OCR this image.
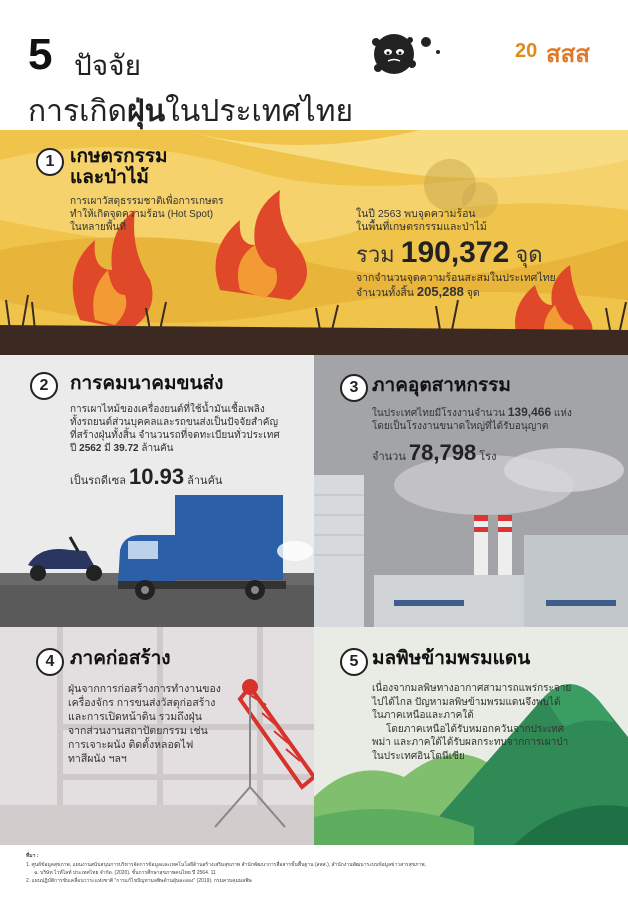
5 ปัจจัย
การเกิดฝุ่นในประเทศไทย
20 สสส
1 เกษตรกรรม
และป่าไม้
การเผาวัสดุธรรมชาติเพื่อการเกษตร
ทำให้เกิดจุดความร้อน (Hot Spot)
ในหลายพื้นที่
ในปี 2563 พบจุดความร้อน
ในพื้นที่เกษตรกรรมและป่าไม้
รวม 190,372 จุด
จากจำนวนจุดความร้อนสะสมในประเทศไทย
จำนวนทั้งสิ้น 205,288 จุด
2	การคมนาคมขนส่ง
การเผาไหม้ของเครื่องยนต์ที่ใช้น้ำมันเชื้อเพลิง
ทั้งรถยนต์ส่วนบุคคลและรถขนส่งเป็นปัจจัยสำคัญ
ที่สร้างฝุ่นทั้งสิ้น จำนวนรถที่จดทะเบียนทั่วประเทศ
ปี 2562 มี 39.72 ล้านคัน
เป็นรถดีเซล 10.93 ล้านคัน
3 ภาคอุตสาหกรรม
ในประเทศไทยมีโรงงานจำนวน 139,466 แห่ง
โดยเป็นโรงงานขนาดใหญ่ที่ได้รับอนุญาต
จำนวน 78,798 โรง
4 ภาคก่อสร้าง
ฝุ่นจากการก่อสร้างการทำงานของ
เครื่องจักร การขนส่งวัสดุก่อสร้าง
และการเปิดหน้าดิน รวมถึงฝุ่น
จากส่วนงานสถาปัตยกรรม เช่น
การเจาะผนัง ติดตั้งหลอดไฟ
ทาสีผนัง ฯลฯ
5 มลพิษข้ามพรมแดน
เนื่องจากมลพิษทางอากาศสามารถแพร่กระจาย
ไปได้ไกล ปัญหามลพิษข้ามพรมแดนจึงพบได้
ในภาคเหนือและภาคใต้
โดยภาคเหนือได้รับหมอกควันจากประเทศ
พม่า และภาคใต้ได้รับผลกระทบจากการเผาป่า
ในประเทศอินโดนีเซีย
ที่มา :
1. ศูนย์ข้อมูลสุขภาพ, แผนงานสนับสนุนการบริหารจัดการข้อมูลและเทคโนโลยีด้านสร้างเสริมสุขภาพ สำนักพัฒนาการสื่อสารขั้นพื้นฐาน (สสส.), สำนักงานพัฒนาระบบข้อมูลข่าวสารสุขภาพ,
ฉ. บริษัท ไวท์ไลท์ ประเทศไทย จำกัด. (2020). ชั้นการศึกษาสุขภาพคนไทย ปี 2564. 11
2. แผนปฏิบัติการขับเคลื่อนวาระแห่งชาติ "การแก้ไขปัญหามลพิษด้านฝุ่นละออง" (2019). กรมควบคุมมลพิษ
